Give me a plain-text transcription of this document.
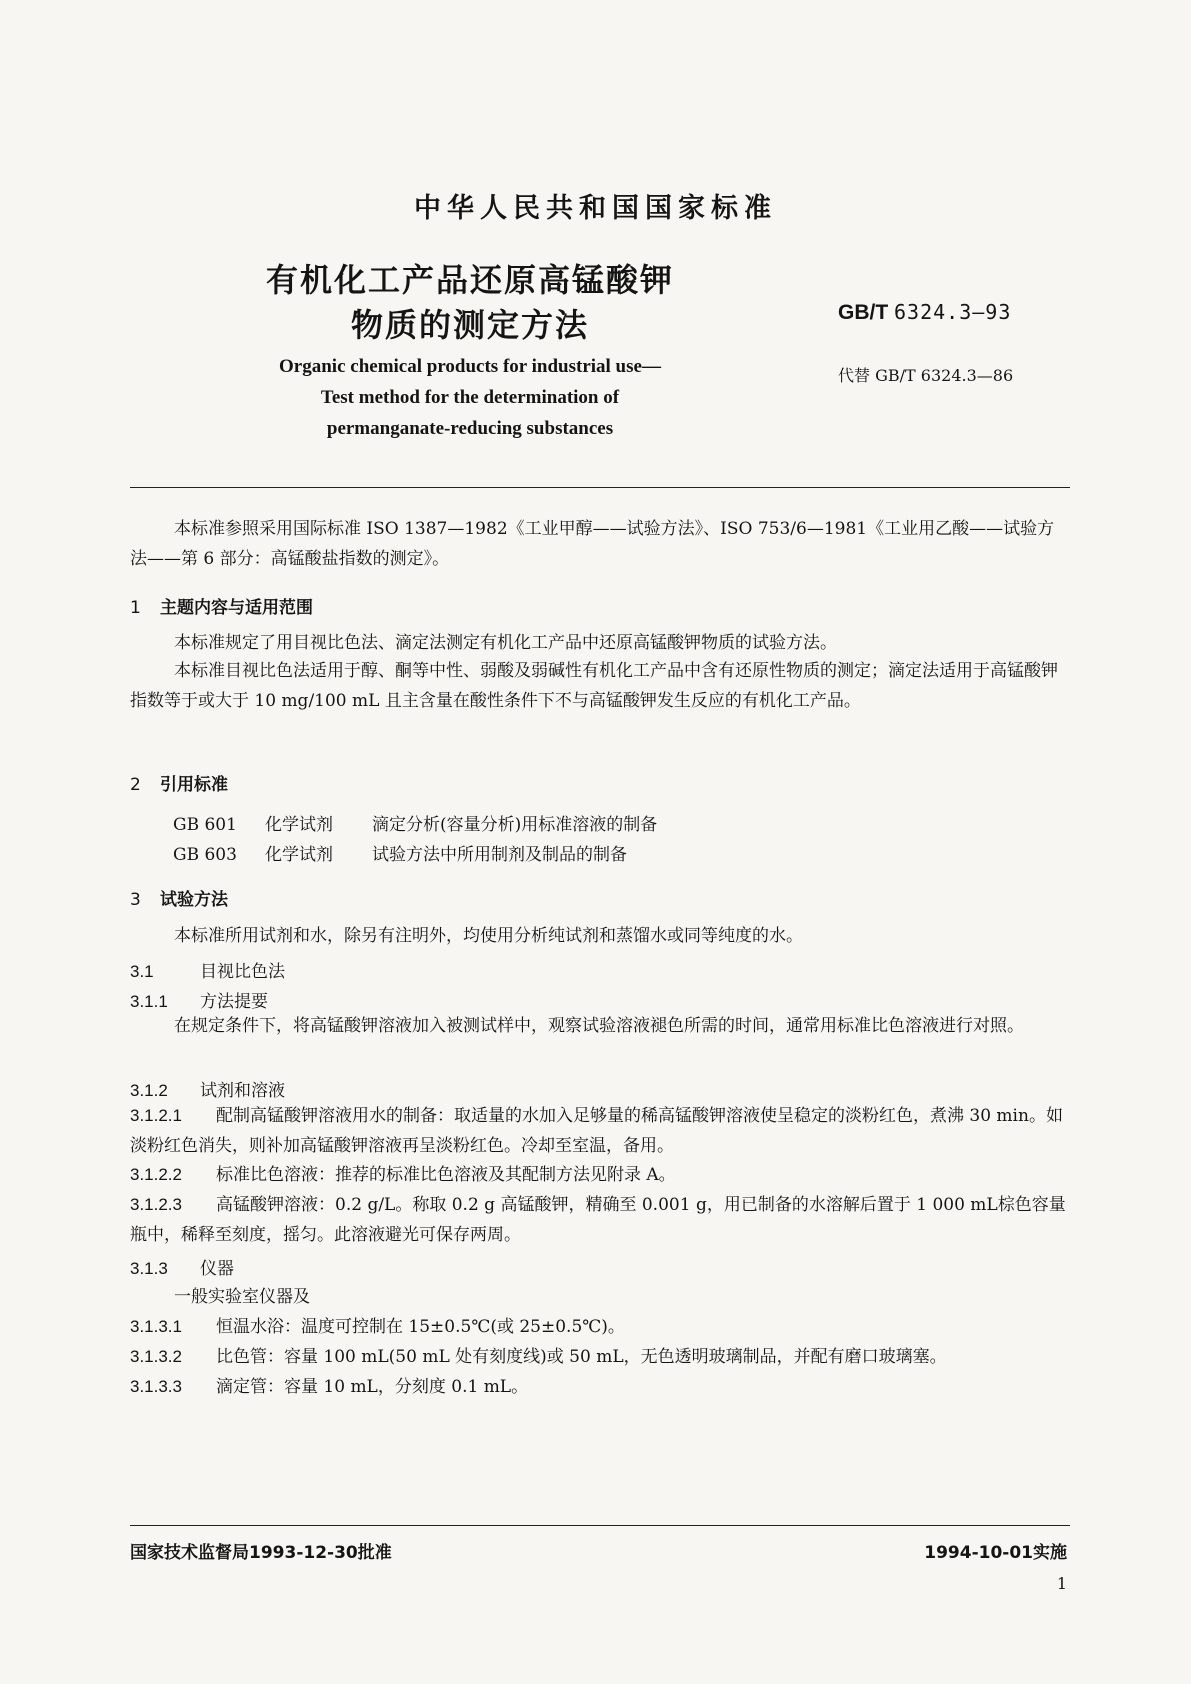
中华人民共和国国家标准
有机化工产品还原高锰酸钾
物质的测定方法	GB/T 6324.3—93
代替 GB/T 6324.3—86
Organic chemical products for industrial use—
Test method for the determination of
permanganate-reducing substances
本标准参照采用国际标准 ISO 1387—1982《工业甲醇——试验方法》、ISO 753/6—1981《工业用乙酸——试验方法——第 6 部分：高锰酸盐指数的测定》。
1 主题内容与适用范围
本标准规定了用目视比色法、滴定法测定有机化工产品中还原高锰酸钾物质的试验方法。
本标准目视比色法适用于醇、酮等中性、弱酸及弱碱性有机化工产品中含有还原性物质的测定；滴定法适用于高锰酸钾指数等于或大于 10 mg/100 mL 且主含量在酸性条件下不与高锰酸钾发生反应的有机化工产品。
2 引用标准
GB 601 化学试剂 滴定分析(容量分析)用标准溶液的制备
GB 603 化学试剂 试验方法中所用制剂及制品的制备
3 试验方法
本标准所用试剂和水，除另有注明外，均使用分析纯试剂和蒸馏水或同等纯度的水。
3.1	目视比色法
3.1.1 方法提要
在规定条件下，将高锰酸钾溶液加入被测试样中，观察试验溶液褪色所需的时间，通常用标准比色溶液进行对照。
3.1.2 试剂和溶液
3.1.2.1 配制高锰酸钾溶液用水的制备：取适量的水加入足够量的稀高锰酸钾溶液使呈稳定的淡粉红色，煮沸 30 min。如淡粉红色消失，则补加高锰酸钾溶液再呈淡粉红色。冷却至室温，备用。
3.1.2.2 标准比色溶液：推荐的标准比色溶液及其配制方法见附录 A。
3.1.2.3 高锰酸钾溶液：0.2 g/L。称取 0.2 g 高锰酸钾，精确至 0.001 g，用已制备的水溶解后置于 1 000 mL棕色容量瓶中，稀释至刻度，摇匀。此溶液避光可保存两周。
3.1.3 仪器
一般实验室仪器及
3.1.3.1 恒温水浴：温度可控制在 15±0.5℃(或 25±0.5℃)。
3.1.3.2 比色管：容量 100 mL(50 mL 处有刻度线)或 50 mL，无色透明玻璃制品，并配有磨口玻璃塞。
3.1.3.3 滴定管：容量 10 mL，分刻度 0.1 mL。
国家技术监督局1993-12-30批准	1994-10-01实施
1
